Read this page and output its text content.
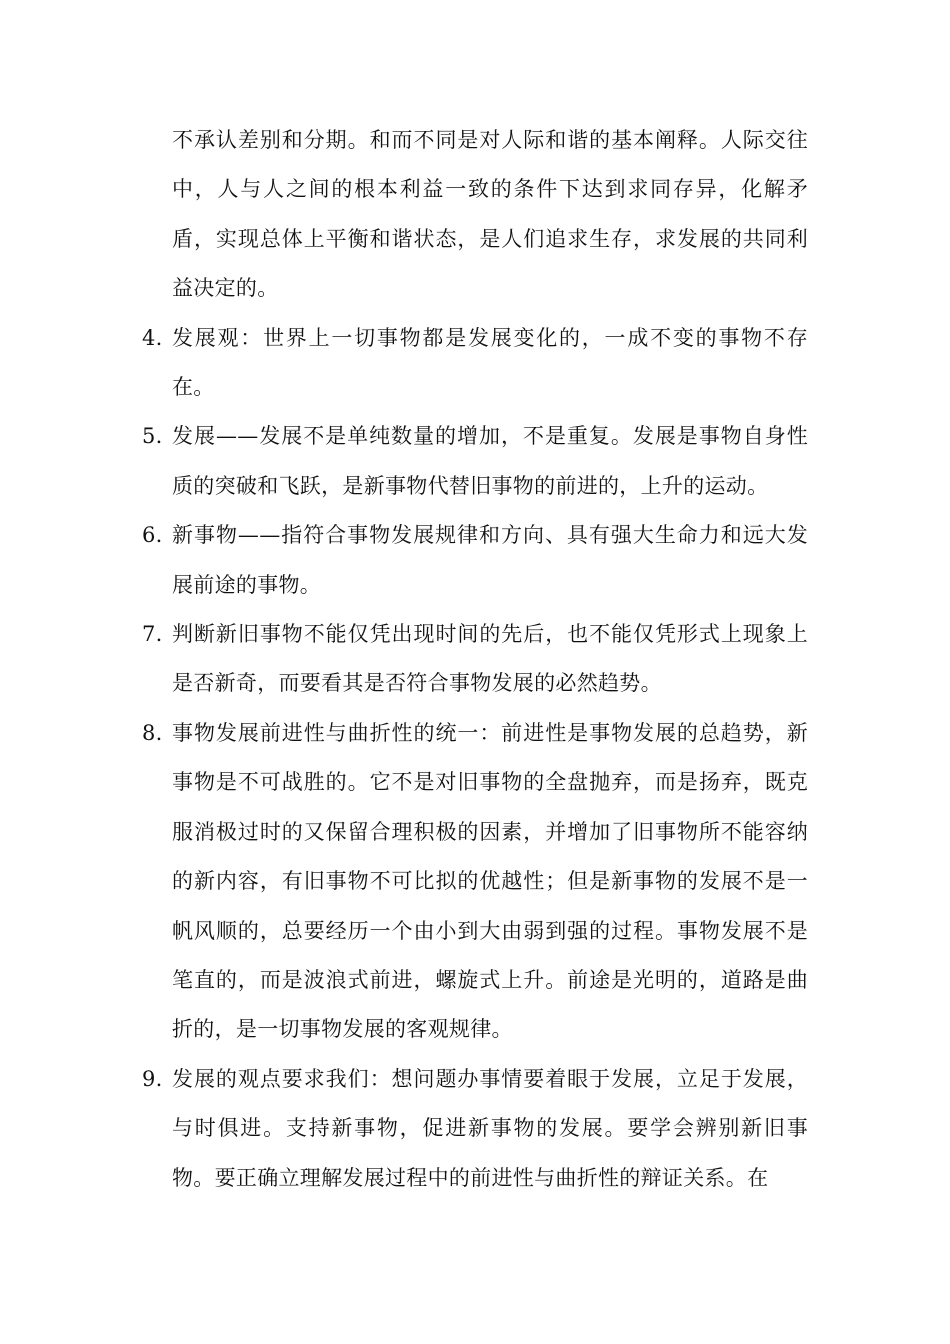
不承认差别和分期。和而不同是对人际和谐的基本阐释。人际交往中，人与人之间的根本利益一致的条件下达到求同存异，化解矛盾，实现总体上平衡和谐状态，是人们追求生存，求发展的共同利益决定的。

4. 发展观：世界上一切事物都是发展变化的，一成不变的事物不存在。

5. 发展——发展不是单纯数量的增加，不是重复。发展是事物自身性质的突破和飞跃，是新事物代替旧事物的前进的，上升的运动。

6. 新事物——指符合事物发展规律和方向、具有强大生命力和远大发展前途的事物。

7. 判断新旧事物不能仅凭出现时间的先后，也不能仅凭形式上现象上是否新奇，而要看其是否符合事物发展的必然趋势。

8. 事物发展前进性与曲折性的统一：前进性是事物发展的总趋势，新事物是不可战胜的。它不是对旧事物的全盘抛弃，而是扬弃，既克服消极过时的又保留合理积极的因素，并增加了旧事物所不能容纳的新内容，有旧事物不可比拟的优越性；但是新事物的发展不是一帆风顺的，总要经历一个由小到大由弱到强的过程。事物发展不是笔直的，而是波浪式前进，螺旋式上升。前途是光明的，道路是曲折的，是一切事物发展的客观规律。

9. 发展的观点要求我们：想问题办事情要着眼于发展，立足于发展，与时俱进。支持新事物，促进新事物的发展。要学会辨别新旧事物。要正确立理解发展过程中的前进性与曲折性的辩证关系。在
